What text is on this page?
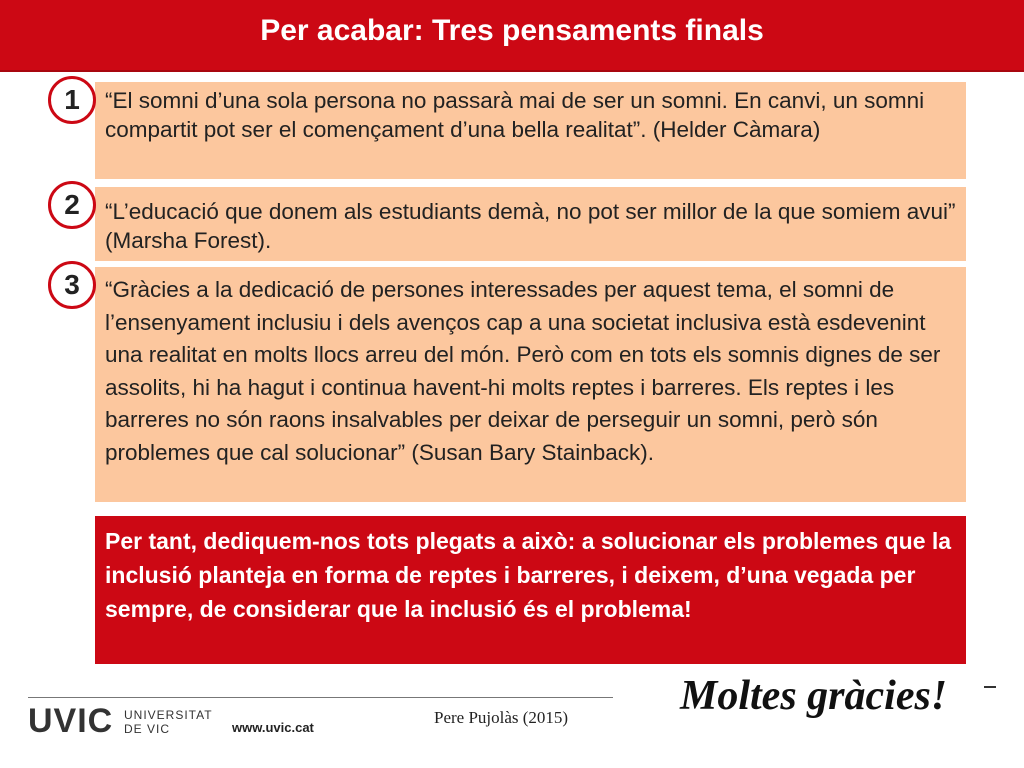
Per acabar: Tres pensaments finals
“El somni d’una sola persona no passarà mai de ser un somni. En canvi, un somni compartit pot ser el començament d’una bella realitat”. (Helder Càmara)
1
“L’educació que donem als estudiants demà, no pot ser millor de la que somiem avui” (Marsha Forest).
2
“Gràcies a la dedicació de persones interessades per aquest tema, el somni de l’ensenyament inclusiu i dels avenços cap a una societat inclusiva està esdevenint una realitat en molts llocs arreu del món. Però com en tots els somnis dignes de ser assolits, hi ha hagut i continua havent-hi molts reptes i barreres. Els reptes i les barreres no són raons insalvables per deixar de perseguir un somni, però són problemes que cal solucionar” (Susan Bary Stainback).
3
Per tant, dediquem-nos tots plegats a això: a solucionar els problemes que la inclusió planteja en forma de reptes i barreres, i deixem, d’una vegada per sempre, de considerar que la inclusió és el problema!
UVIC UNIVERSITAT
DE VIC	www.uvic.cat
Pere Pujolàs (2015)	Moltes gràcies!
